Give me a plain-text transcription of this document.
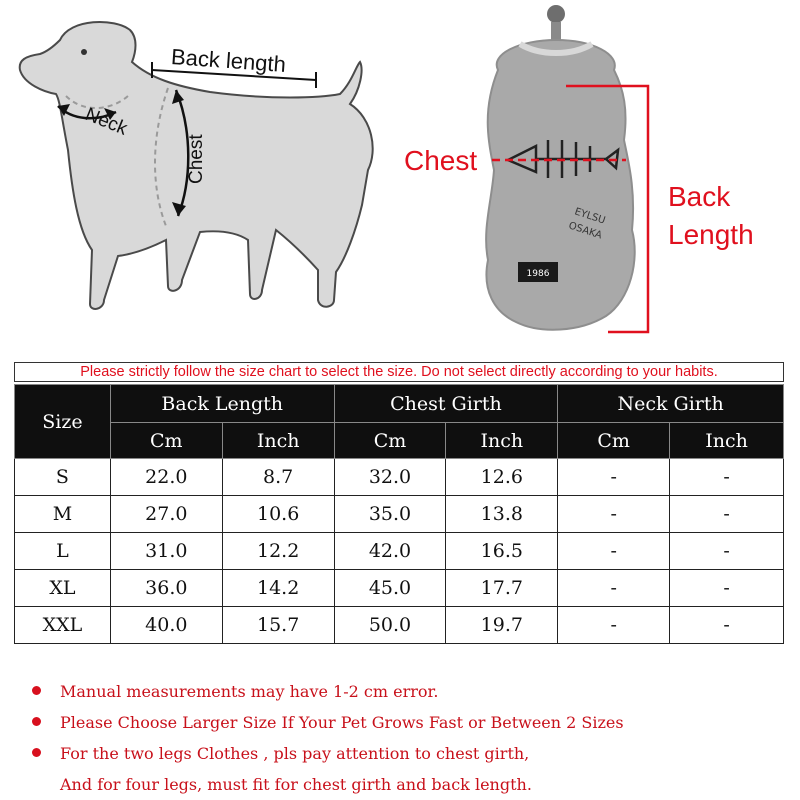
EYLSU
OSAKA
1986
Back length
Neck
Chest	Chest
Back
Length
Please strictly follow the size chart to select the size. Do not select directly according to your habits.
Size	Back Length		Chest Girth		Neck Girth	
	Cm	Inch	Cm	Inch	Cm	Inch
S	22.0	8.7	32.0	12.6	-	-
M	27.0	10.6	35.0	13.8	-	-
L	31.0	12.2	42.0	16.5	-	-
XL	36.0	14.2	45.0	17.7	-	-
XXL	40.0	15.7	50.0	19.7	-	-
Manual measurements may have 1-2 cm error.
Please Choose Larger Size If Your Pet Grows Fast or Between 2 Sizes
For the two legs Clothes , pls pay attention to chest girth,
And for four legs, must fit for chest girth and back length.
